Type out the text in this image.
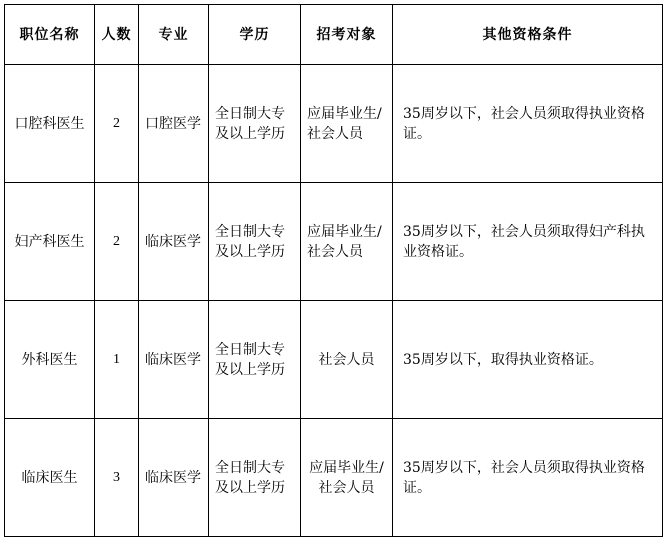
职位名称	人数	专业	学历	招考对象	其他资格条件
口腔科医生	2	口腔医学	全日制大专及以上学历	应届毕业生/社会人员	35周岁以下，社会人员须取得执业资格证。
妇产科医生	2	临床医学	全日制大专及以上学历	应届毕业生/社会人员	35周岁以下，社会人员须取得妇产科执业资格证。
外科医生	1	临床医学	全日制大专及以上学历	社会人员	35周岁以下，取得执业资格证。
临床医生	3	临床医学	全日制大专及以上学历	应届毕业生/社会人员	35周岁以下，社会人员须取得执业资格证。
